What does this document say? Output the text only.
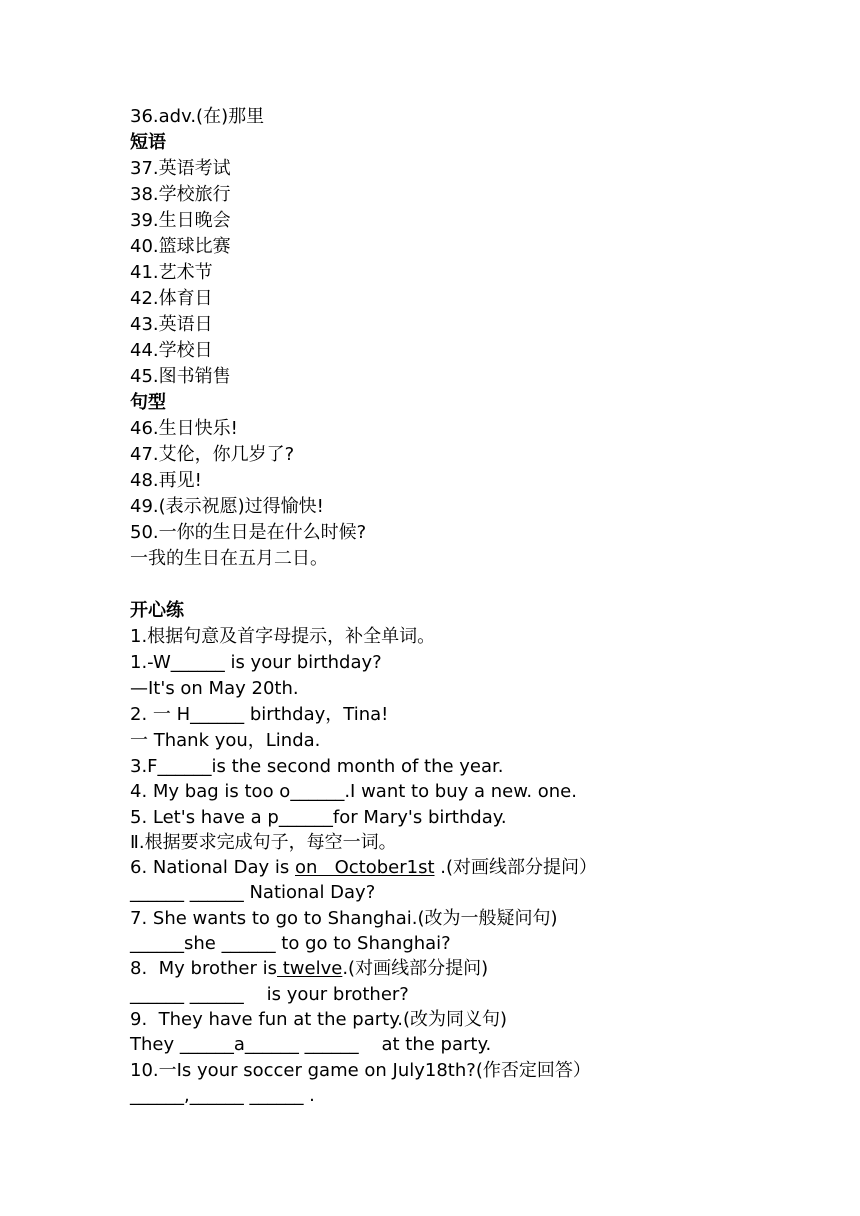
36.adv.(在)那里
短语
37.英语考试
38.学校旅行
39.生日晚会
40.篮球比赛
41.艺术节
42.体育日
43.英语日
44.学校日
45.图书销售
句型
46.生日快乐!
47.艾伦，你几岁了?
48.再见!
49.(表示祝愿)过得愉快!
50.一你的生日是在什么时候?
一我的生日在五月二日。
开心练
1.根据句意及首字母提示，补全单词。
1.-W______ is your birthday?
—It's on May 20th.
2. 一 H______ birthday，Tina!
一 Thank you，Linda.
3.F______is the second month of the year.
4. My bag is too o______.I want to buy a new. one.
5. Let's have a p______for Mary's birthday.
Ⅱ.根据要求完成句子，每空一词。
6. National Day is on   October1st .(对画线部分提问）
______ ______ National Day?
7. She wants to go to Shanghai.(改为一般疑问句)
______she ______ to go to Shanghai?
8.  My brother is twelve.(对画线部分提问)
______ ______    is your brother?
9.  They have fun at the party.(改为同义句)
They ______a______ ______    at the party.
10.一Is your soccer game on July18th?(作否定回答）
______,______ ______ .
